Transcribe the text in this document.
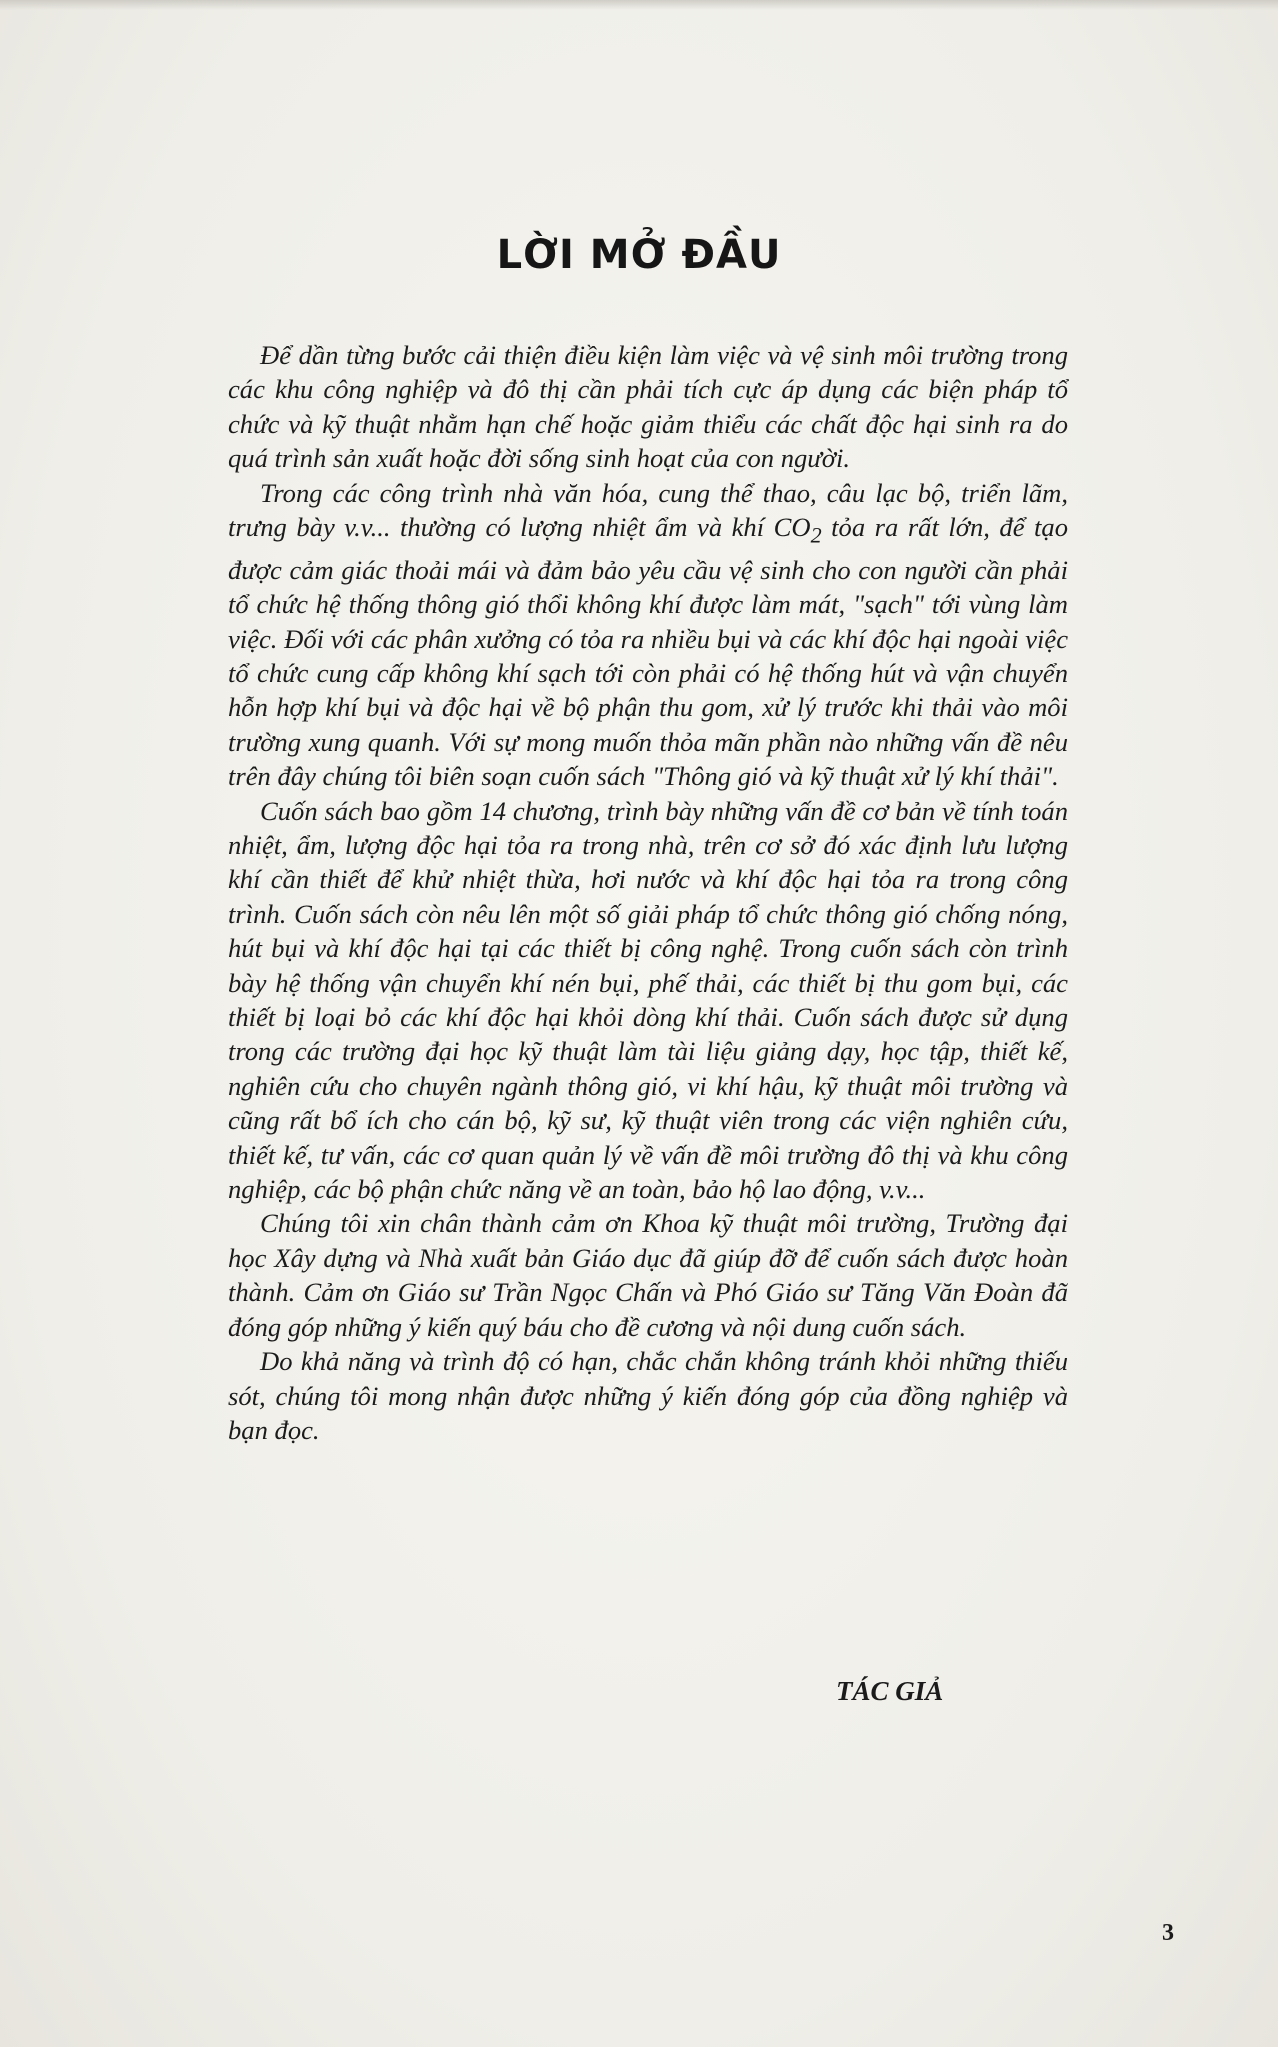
LỜI MỞ ĐẦU

Để dần từng bước cải thiện điều kiện làm việc và vệ sinh môi trường trong các khu công nghiệp và đô thị cần phải tích cực áp dụng các biện pháp tổ chức và kỹ thuật nhằm hạn chế hoặc giảm thiểu các chất độc hại sinh ra do quá trình sản xuất hoặc đời sống sinh hoạt của con người.

Trong các công trình nhà văn hóa, cung thể thao, câu lạc bộ, triển lãm, trưng bày v.v... thường có lượng nhiệt ẩm và khí $CO_2$ tỏa ra rất lớn, để tạo được cảm giác thoải mái và đảm bảo yêu cầu vệ sinh cho con người cần phải tổ chức hệ thống thông gió thổi không khí được làm mát, "sạch" tới vùng làm việc. Đối với các phân xưởng có tỏa ra nhiều bụi và các khí độc hại ngoài việc tổ chức cung cấp không khí sạch tới còn phải có hệ thống hút và vận chuyển hỗn hợp khí bụi và độc hại về bộ phận thu gom, xử lý trước khi thải vào môi trường xung quanh. Với sự mong muốn thỏa mãn phần nào những vấn đề nêu trên đây chúng tôi biên soạn cuốn sách "Thông gió và kỹ thuật xử lý khí thải".

Cuốn sách bao gồm 14 chương, trình bày những vấn đề cơ bản về tính toán nhiệt, ẩm, lượng độc hại tỏa ra trong nhà, trên cơ sở đó xác định lưu lượng khí cần thiết để khử nhiệt thừa, hơi nước và khí độc hại tỏa ra trong công trình. Cuốn sách còn nêu lên một số giải pháp tổ chức thông gió chống nóng, hút bụi và khí độc hại tại các thiết bị công nghệ. Trong cuốn sách còn trình bày hệ thống vận chuyển khí nén bụi, phế thải, các thiết bị thu gom bụi, các thiết bị loại bỏ các khí độc hại khỏi dòng khí thải. Cuốn sách được sử dụng trong các trường đại học kỹ thuật làm tài liệu giảng dạy, học tập, thiết kế, nghiên cứu cho chuyên ngành thông gió, vi khí hậu, kỹ thuật môi trường và cũng rất bổ ích cho cán bộ, kỹ sư, kỹ thuật viên trong các viện nghiên cứu, thiết kế, tư vấn, các cơ quan quản lý về vấn đề môi trường đô thị và khu công nghiệp, các bộ phận chức năng về an toàn, bảo hộ lao động, v.v...

Chúng tôi xin chân thành cảm ơn Khoa kỹ thuật môi trường, Trường đại học Xây dựng và Nhà xuất bản Giáo dục đã giúp đỡ để cuốn sách được hoàn thành. Cảm ơn Giáo sư Trần Ngọc Chấn và Phó Giáo sư Tăng Văn Đoàn đã đóng góp những ý kiến quý báu cho đề cương và nội dung cuốn sách.

Do khả năng và trình độ có hạn, chắc chắn không tránh khỏi những thiếu sót, chúng tôi mong nhận được những ý kiến đóng góp của đồng nghiệp và bạn đọc.

TÁC GIẢ
3
